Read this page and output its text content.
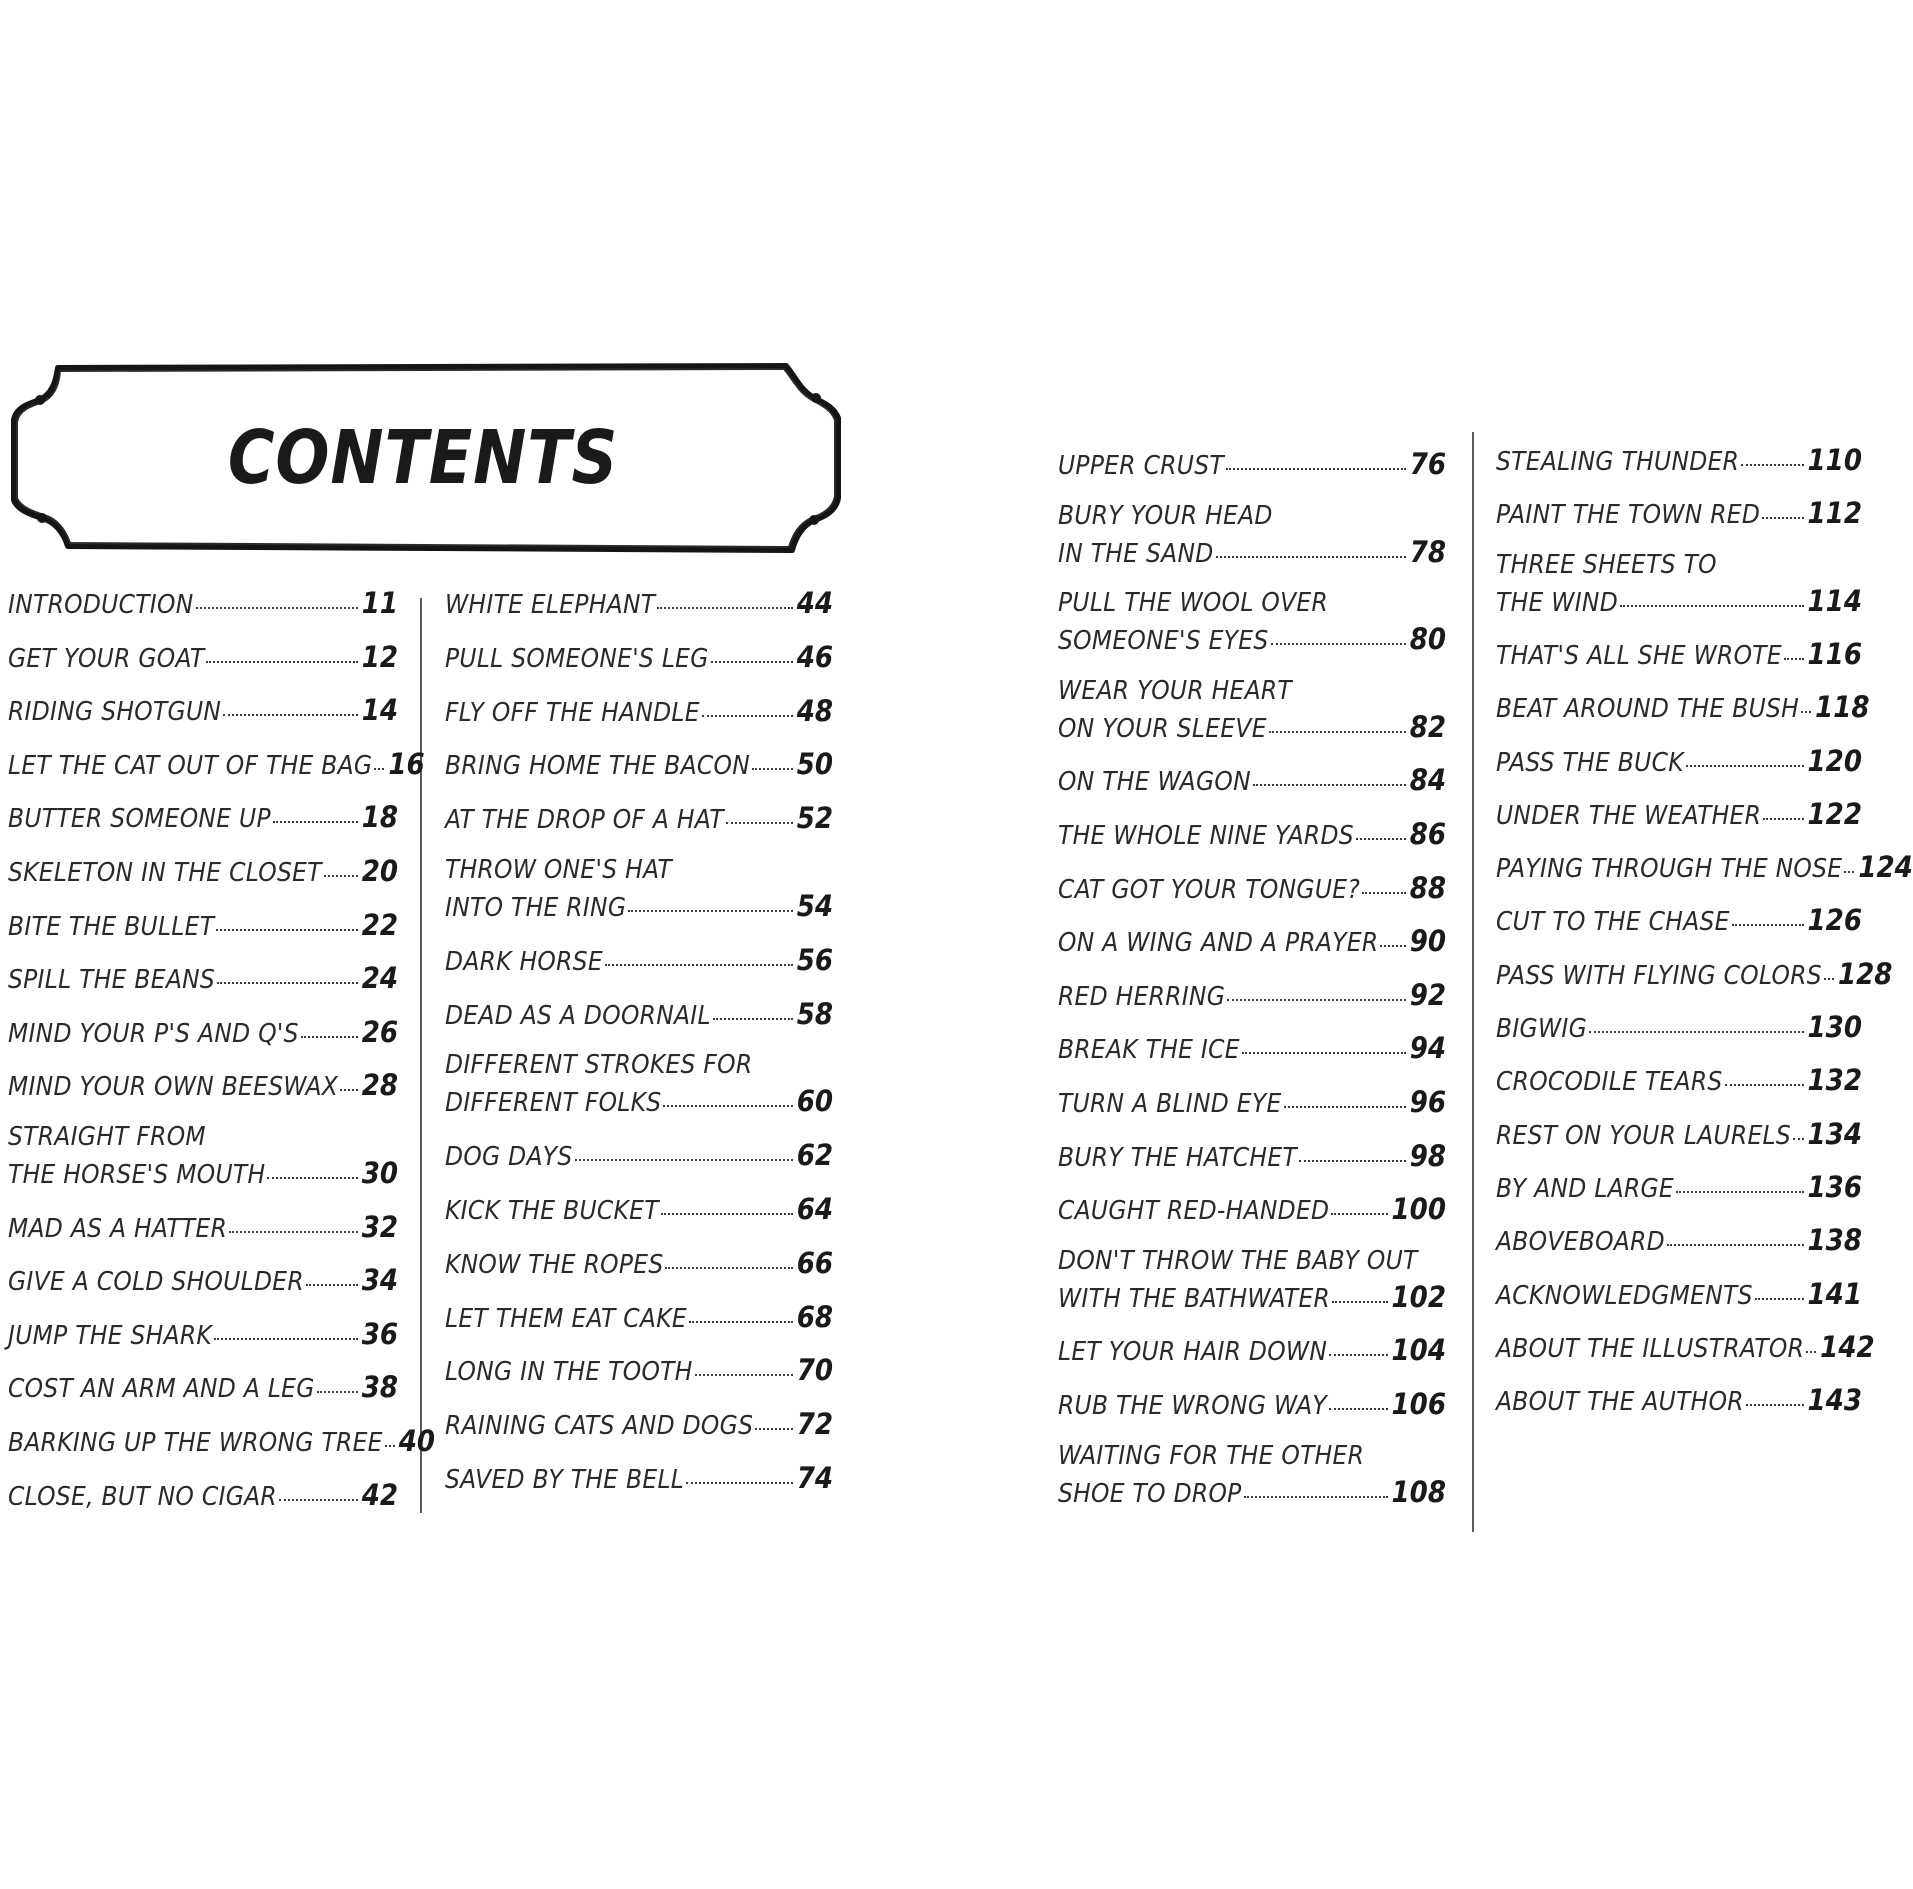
CONTENTS
INTRODUCTION	11
GET YOUR GOAT	12
RIDING SHOTGUN	14
LET THE CAT OUT OF THE BAG 16
BUTTER SOMEONE UP	18
SKELETON IN THE CLOSET 20
BITE THE BULLET	22
SPILL THE BEANS	24
MIND YOUR P'S AND Q'S 26
MIND YOUR OWN BEESWAX 28
STRAIGHT FROM
THE HORSE'S MOUTH	30
MAD AS A HATTER	32
GIVE A COLD SHOULDER 34
JUMP THE SHARK	36
COST AN ARM AND A LEG 38
BARKING UP THE WRONG TREE 40
CLOSE, BUT NO CIGAR	42
WHITE ELEPHANT	44
PULL SOMEONE'S LEG	46
FLY OFF THE HANDLE	48
BRING HOME THE BACON 50
AT THE DROP OF A HAT	52
THROW ONE'S HAT
INTO THE RING	54
DARK HORSE	56
DEAD AS A DOORNAIL	58
DIFFERENT STROKES FOR
DIFFERENT FOLKS	60
DOG DAYS	62
KICK THE BUCKET	64
KNOW THE ROPES	66
LET THEM EAT CAKE	68
LONG IN THE TOOTH	70
RAINING CATS AND DOGS 72
SAVED BY THE BELL	74
UPPER CRUST	76
BURY YOUR HEAD
IN THE SAND	78
PULL THE WOOL OVER
SOMEONE'S EYES	80
WEAR YOUR HEART
ON YOUR SLEEVE	82
ON THE WAGON	84
THE WHOLE NINE YARDS 86
CAT GOT YOUR TONGUE? 88
ON A WING AND A PRAYER 90
RED HERRING	92
BREAK THE ICE	94
TURN A BLIND EYE	96
BURY THE HATCHET	98
CAUGHT RED-HANDED 100
DON'T THROW THE BABY OUT
WITH THE BATHWATER 102
LET YOUR HAIR DOWN 104
RUB THE WRONG WAY 106
WAITING FOR THE OTHER
SHOE TO DROP	108
STEALING THUNDER 110
PAINT THE TOWN RED 112
THREE SHEETS TO
THE WIND	114
THAT'S ALL SHE WROTE 116
BEAT AROUND THE BUSH 118
PASS THE BUCK	120
UNDER THE WEATHER 122
PAYING THROUGH THE NOSE 124
CUT TO THE CHASE	126
PASS WITH FLYING COLORS 128
BIGWIG	130
CROCODILE TEARS	132
REST ON YOUR LAURELS 134
BY AND LARGE	136
ABOVEBOARD	138
ACKNOWLEDGMENTS 141
ABOUT THE ILLUSTRATOR 142
ABOUT THE AUTHOR 143
